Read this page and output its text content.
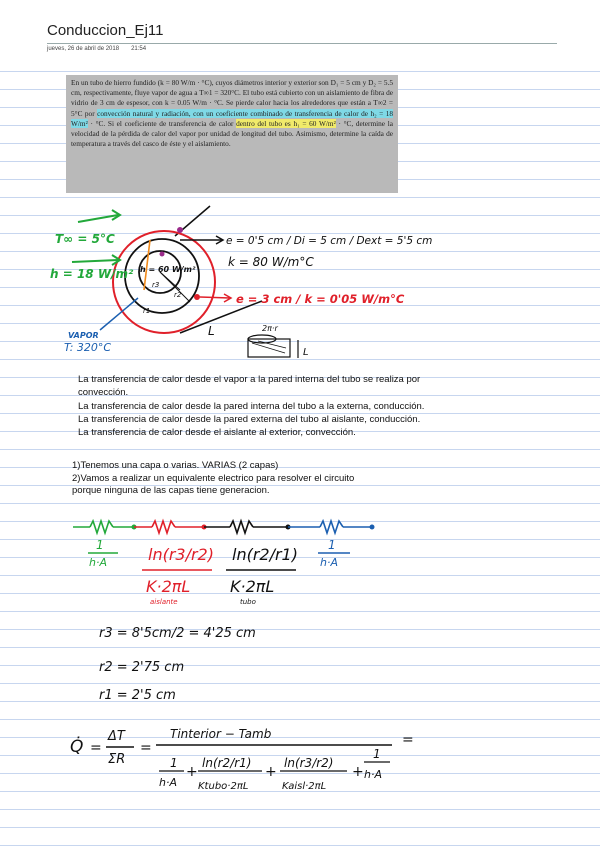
Conduccion_Ej11
jueves, 26 de abril de 2018 21:54
En un tubo de hierro fundido (k = 80 W/m · °C), cuyos diámetros interior y exterior son D₁ = 5 cm y D₂ = 5.5 cm, respectivamente, fluye vapor de agua a T∞1 = 320°C. El tubo está cubierto con un aislamiento de fibra de vidrio de 3 cm de espesor, con k = 0.05 W/m · °C. Se pierde calor hacia los alrededores que están a T∞2 = 5°C por convección natural y radiación, con un coeficiente combinado de transferencia de calor de h₂ = 18 W/m² · °C. Si el coeficiente de transferencia de calor dentro del tubo es h₁ = 60 W/m² · °C, determine la velocidad de la pérdida de calor del vapor por unidad de longitud del tubo. Asimismo, determine la caída de temperatura a través del casco de éste y el aislamiento.
h = 60 W/m²
r1
r2
r3
L
T∞ = 5°C
h = 18 W/m²
VAPOR
T: 320°C
e = 0'5 cm / Di = 5 cm / Dext = 5'5 cm
k = 80 W/m°C
e = 3 cm / k = 0'05 W/m°C
2π·r
L
1
h·A	ln(r3/r2)
K·2πL
aislante
ln(r2/r1)
K·2πL
tubo
1
h·A
r3 = 8'5cm/2 = 4'25 cm
r2 = 2'75 cm
r1 = 2'5 cm
Q̇ =
ΔT
ΣR
=
Tinterior − Tamb
1
h·A
+
ln(r2/r1)
Ktubo·2πL
+
ln(r3/r2)
Kaisl·2πL
+
1
h·A
=

La transferencia de calor desde el vapor a la pared interna del tubo se realiza por

convección.

La transferencia de calor desde la pared interna del tubo a la externa, conducción.

La transferencia de calor desde la pared externa del tubo al aislante, conducción.

La transferencia de calor desde el aislante al exterior, convección.

1)Tenemos una capa o varias. VARIAS (2 capas)

2)Vamos a realizar un equivalente electrico para resolver el circuito

porque ninguna de las capas tiene generacion.
